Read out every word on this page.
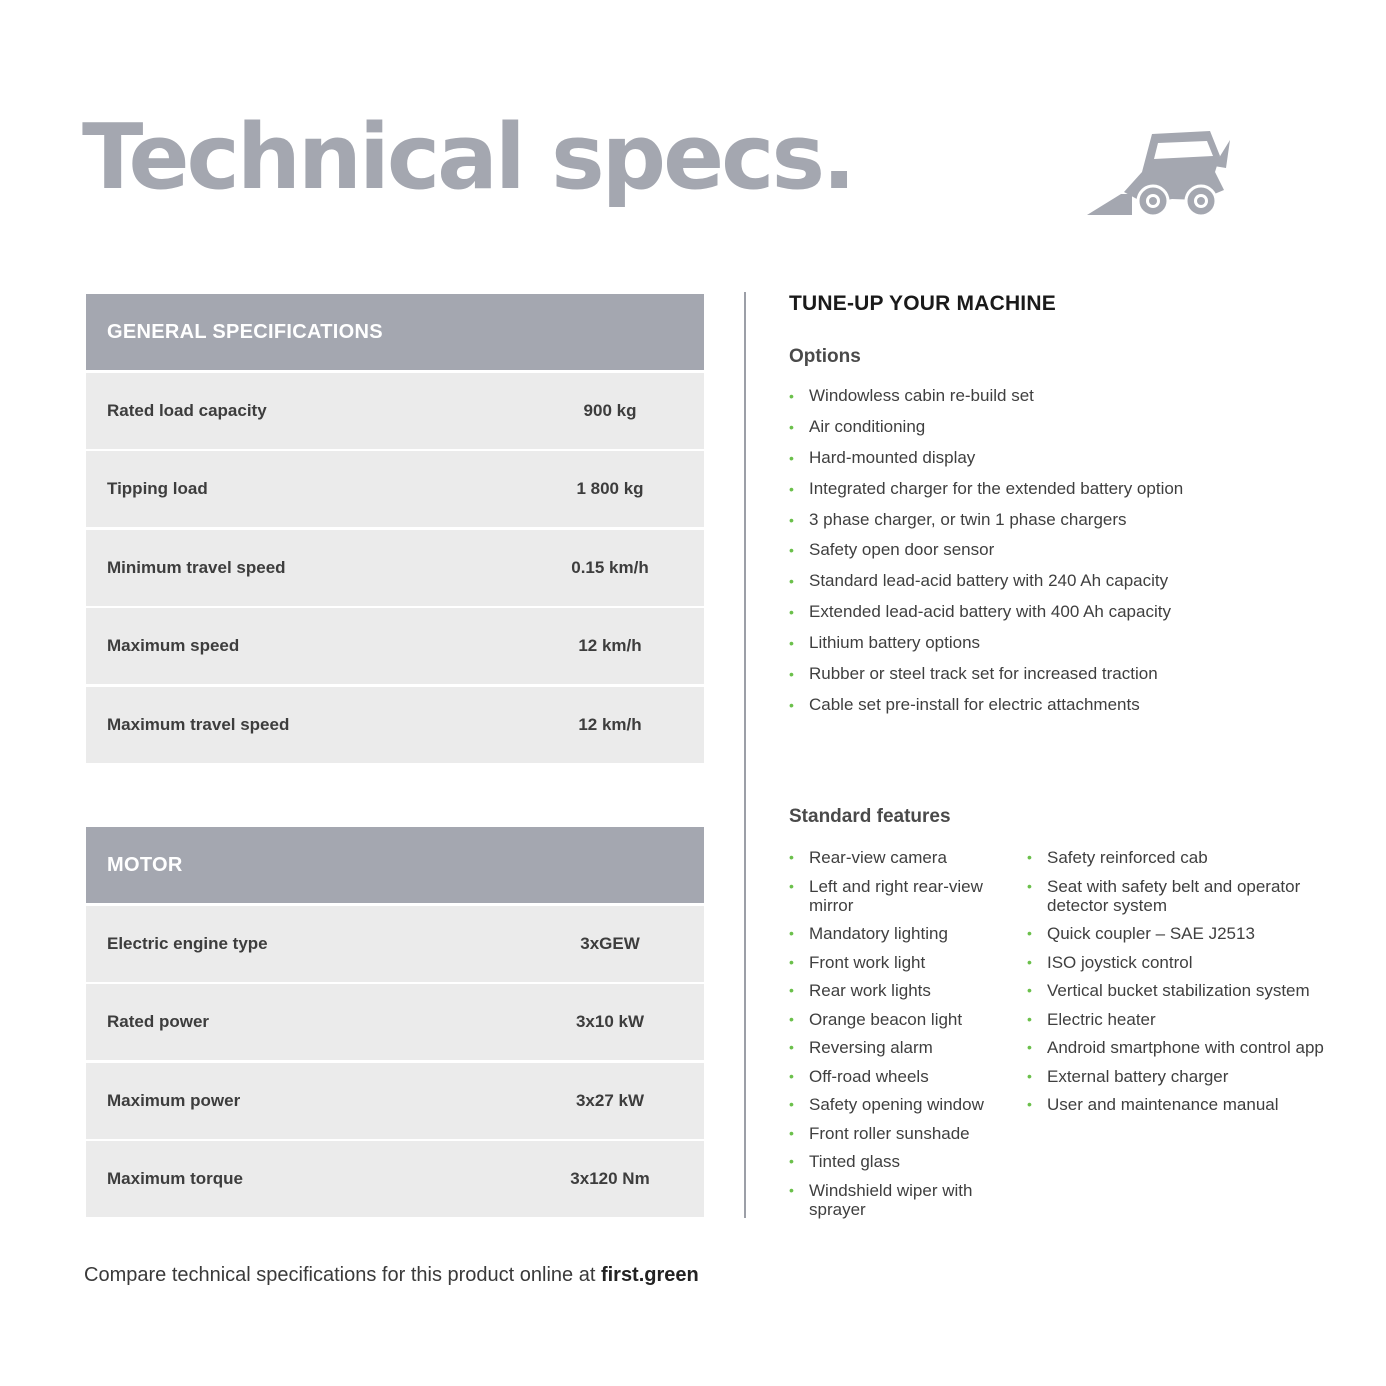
Technical specs.
GENERAL SPECIFICATIONS
Rated load capacity	900 kg
Tipping load	1 800 kg
Minimum travel speed	0.15 km/h
Maximum speed	12 km/h
Maximum travel speed	12 km/h
MOTOR
Electric engine type	3xGEW
Rated power	3x10 kW
Maximum power	3x27 kW
Maximum torque	3x120 Nm
TUNE-UP YOUR MACHINE
Options
• Windowless cabin re-build set
• Air conditioning
• Hard-mounted display
• Integrated charger for the extended battery option
• 3 phase charger, or twin 1 phase chargers
• Safety open door sensor
• Standard lead-acid battery with 240 Ah capacity
• Extended lead-acid battery with 400 Ah capacity
• Lithium battery options
• Rubber or steel track set for increased traction
• Cable set pre-install for electric attachments
Standard features
• Rear-view camera
• Left and right rear-view mirror
• Mandatory lighting
• Front work light
• Rear work lights
• Orange beacon light
• Reversing alarm
• Off-road wheels
• Safety opening window
• Front roller sunshade
• Tinted glass
• Windshield wiper with sprayer
• Safety reinforced cab
• Seat with safety belt and operator detector system
• Quick coupler – SAE J2513
• ISO joystick control
• Vertical bucket stabilization system
• Electric heater
• Android smartphone with control app
• External battery charger
• User and maintenance manual

Compare technical specifications for this product online at first.green
